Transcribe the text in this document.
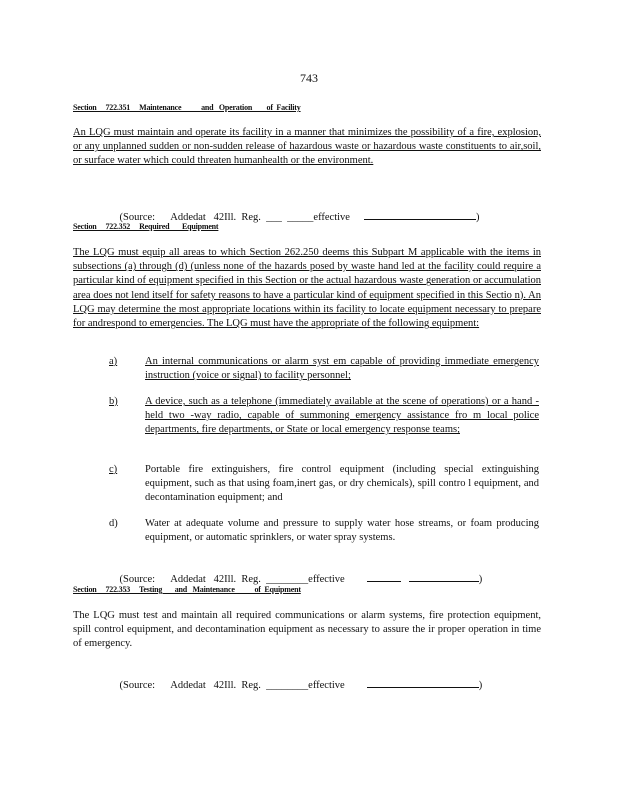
743
Section     722.351     Maintenance           and   Operation        of  Facility
An LQG must maintain and operate its facility in a manner that minimizes the possibility of a fire, explosion, or any unplanned sudden or non-sudden release of hazardous waste or hazardous waste constituents to air,soil, or surface water which could threaten humanhealth or the environment.

(Source:      Addedat   42Ill.  Reg.  ___  _____effective	)

Section     722.352     Required       Equipment
The LQG must equip all areas to which Section 262.250 deems this Subpart M applicable with the items in subsections (a) through (d) (unless none of the hazards posed by waste hand led at the facility could require a particular kind of equipment specified in this Section or the actual hazardous waste generation or accumulation area does not lend itself for safety reasons to have a particular kind of equipment specified in this Sectio n). An LQG may determine the most appropriate locations within its facility to locate equipment necessary to prepare for andrespond to emergencies. The LQG must have the appropriate of the following equipment:
a)	An internal communications or alarm syst em capable of providing immediate emergency instruction (voice or signal) to facility personnel;
b)	A device, such as a telephone (immediately available at the scene of operations) or a hand -held two -way radio, capable of summoning emergency assistance fro m local police departments, fire departments, or State or local emergency response teams;
c)	Portable fire extinguishers, fire control equipment (including special extinguishing equipment, such as that using foam,inert gas, or dry chemicals), spill contro l equipment, and decontamination equipment; and
d)	Water at adequate volume and pressure to supply water hose streams, or foam producing equipment, or automatic sprinklers, or water spray systems.

(Source:      Addedat   42Ill.  Reg.  ________effective	)

Section     722.353     Testing       and   Maintenance           of  Equipment
The LQG must test and maintain all required communications or alarm systems, fire protection equipment, spill control equipment, and decontamination equipment as necessary to assure the ir proper operation in time of emergency.

(Source:      Addedat   42Ill.  Reg.  ________effective	)
